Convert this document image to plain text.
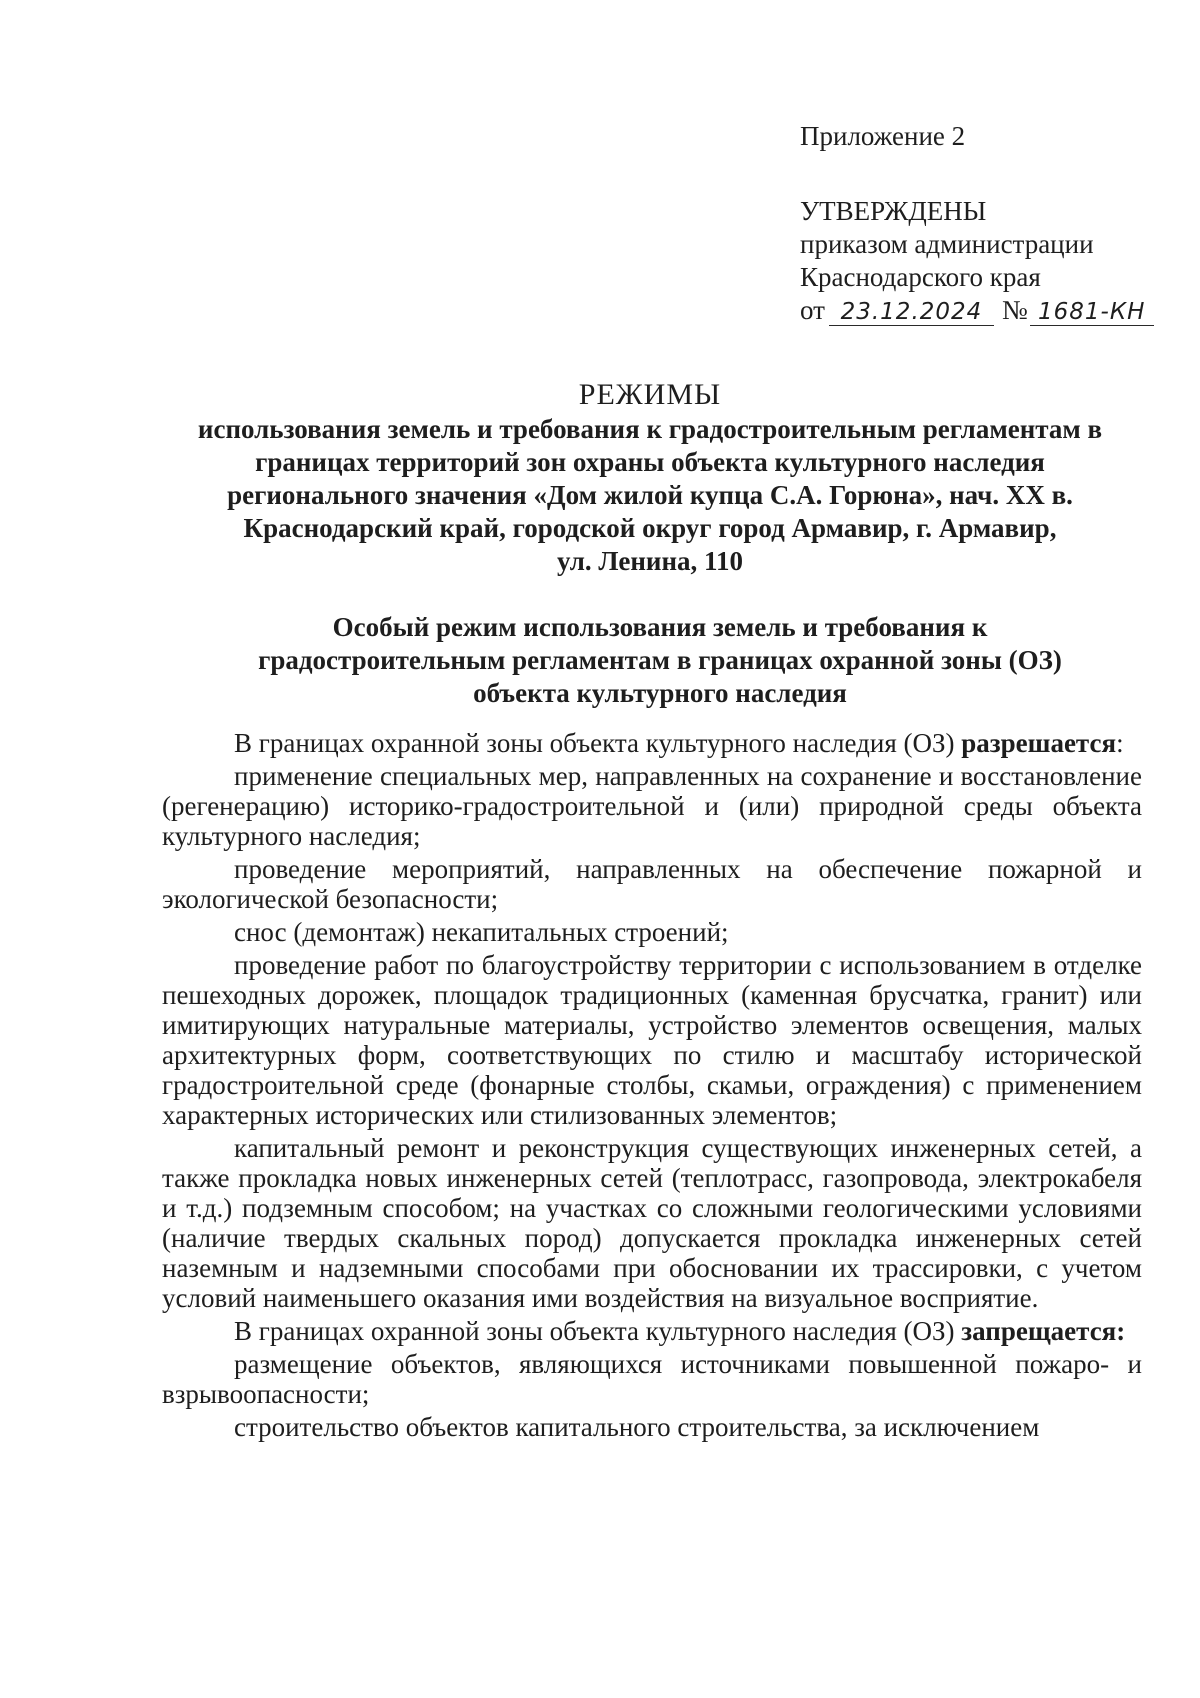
Приложение 2
УТВЕРЖДЕНЫ
приказом администрации
Краснодарского края
от 23.12.2024 № 1681-КН
РЕЖИМЫ
использования земель и требования к градостроительным регламентам в
границах территорий зон охраны объекта культурного наследия
регионального значения «Дом жилой купца С.А. Горюна», нач. XX в.
Краснодарский край, городской округ город Армавир, г. Армавир,
ул. Ленина, 110
Особый режим использования земель и требования к
градостроительным регламентам в границах охранной зоны (ОЗ)
объекта культурного наследия

В границах охранной зоны объекта культурного наследия (ОЗ) разрешается:

применение специальных мер, направленных на сохранение и восстановление (регенерацию) историко-градостроительной и (или) природной среды объекта культурного наследия;

проведение мероприятий, направленных на обеспечение пожарной и экологической безопасности;

снос (демонтаж) некапитальных строений;

проведение работ по благоустройству территории с использованием в отделке пешеходных дорожек, площадок традиционных (каменная брусчатка, гранит) или имитирующих натуральные материалы, устройство элементов освещения, малых архитектурных форм, соответствующих по стилю и масштабу исторической градостроительной среде (фонарные столбы, скамьи, ограждения) с применением характерных исторических или стилизованных элементов;

капитальный ремонт и реконструкция существующих инженерных сетей, а также прокладка новых инженерных сетей (теплотрасс, газопровода, электрокабеля и т.д.) подземным способом; на участках со сложными геологическими условиями (наличие твердых скальных пород) допускается прокладка инженерных сетей наземным и надземными способами при обосновании их трассировки, с учетом условий наименьшего оказания ими воздействия на визуальное восприятие.

В границах охранной зоны объекта культурного наследия (ОЗ) запрещается:

размещение объектов, являющихся источниками повышенной пожаро- и взрывоопасности;

строительство объектов капитального строительства, за исключением
